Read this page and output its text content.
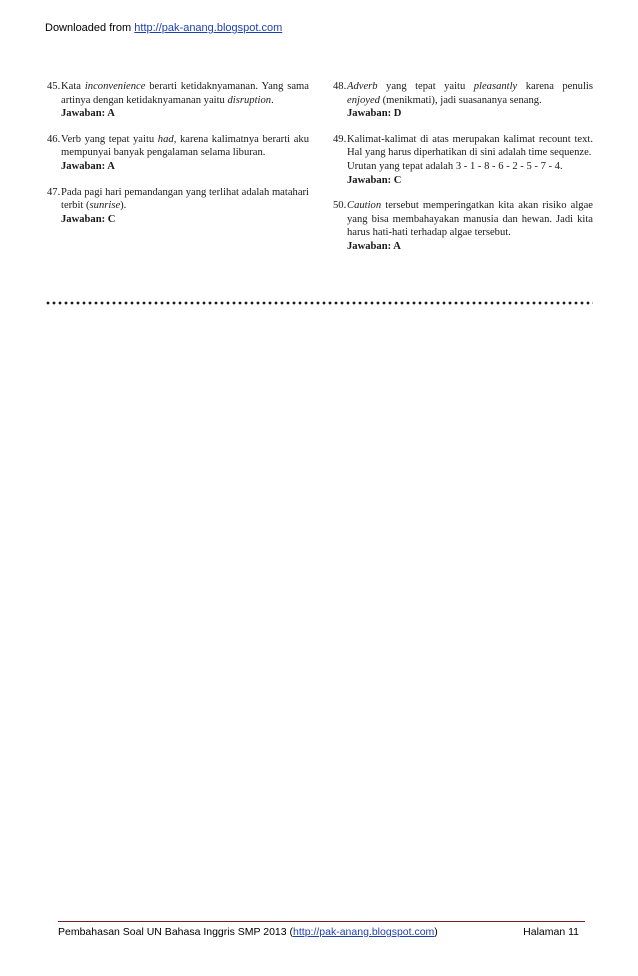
Downloaded from http://pak-anang.blogspot.com
45. Kata inconvenience berarti ketidaknyamanan. Yang sama artinya dengan ketidaknyamanan yaitu disruption.
Jawaban: A
46. Verb yang tepat yaitu had, karena kalimatnya berarti aku mempunyai banyak pengalaman selama liburan.
Jawaban: A
47. Pada pagi hari pemandangan yang terlihat adalah matahari terbit (sunrise).
Jawaban: C
48. Adverb yang tepat yaitu pleasantly karena penulis enjoyed (menikmati), jadi suasananya senang.
Jawaban: D
49. Kalimat-kalimat di atas merupakan kalimat recount text. Hal yang harus diperhatikan di sini adalah time sequenze.
Urutan yang tepat adalah 3 - 1 - 8 - 6 - 2 - 5 - 7 - 4.
Jawaban: C
50. Caution tersebut memperingatkan kita akan risiko algae yang bisa membahayakan manusia dan hewan. Jadi kita harus hati-hati terhadap algae tersebut.
Jawaban: A
Pembahasan Soal UN Bahasa Inggris SMP 2013 (http://pak-anang.blogspot.com)	Halaman 11
